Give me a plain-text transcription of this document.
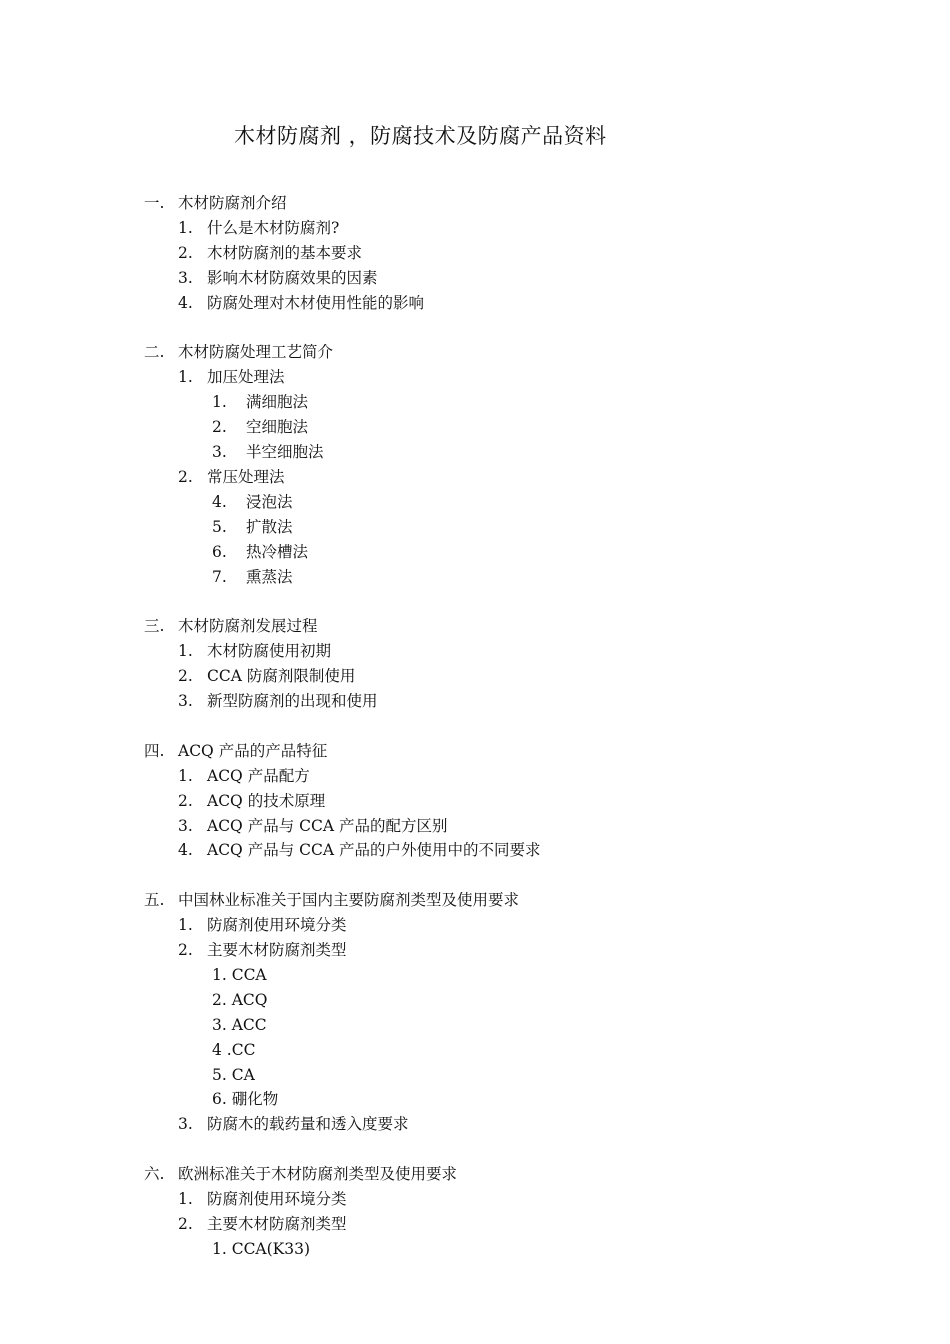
木材防腐剂 ，防腐技术及防腐产品资料
一. 木材防腐剂介绍
1. 什么是木材防腐剂?
2. 木材防腐剂的基本要求
3. 影响木材防腐效果的因素
4. 防腐处理对木材使用性能的影响
二. 木材防腐处理工艺简介
1. 加压处理法
1. 满细胞法
2. 空细胞法
3. 半空细胞法
2. 常压处理法
4. 浸泡法
5. 扩散法
6. 热冷槽法
7. 熏蒸法
三. 木材防腐剂发展过程
1. 木材防腐使用初期
2. CCA 防腐剂限制使用
3. 新型防腐剂的出现和使用
四. ACQ 产品的产品特征
1. ACQ 产品配方
2. ACQ 的技术原理
3. ACQ 产品与 CCA 产品的配方区别
4. ACQ 产品与 CCA 产品的户外使用中的不同要求
五. 中国林业标准关于国内主要防腐剂类型及使用要求
1. 防腐剂使用环境分类
2. 主要木材防腐剂类型
1. CCA
2. ACQ
3. ACC
4 .CC
5. CA
6. 硼化物
3. 防腐木的载药量和透入度要求
六. 欧洲标准关于木材防腐剂类型及使用要求
1. 防腐剂使用环境分类
2. 主要木材防腐剂类型
1. CCA(K33)
